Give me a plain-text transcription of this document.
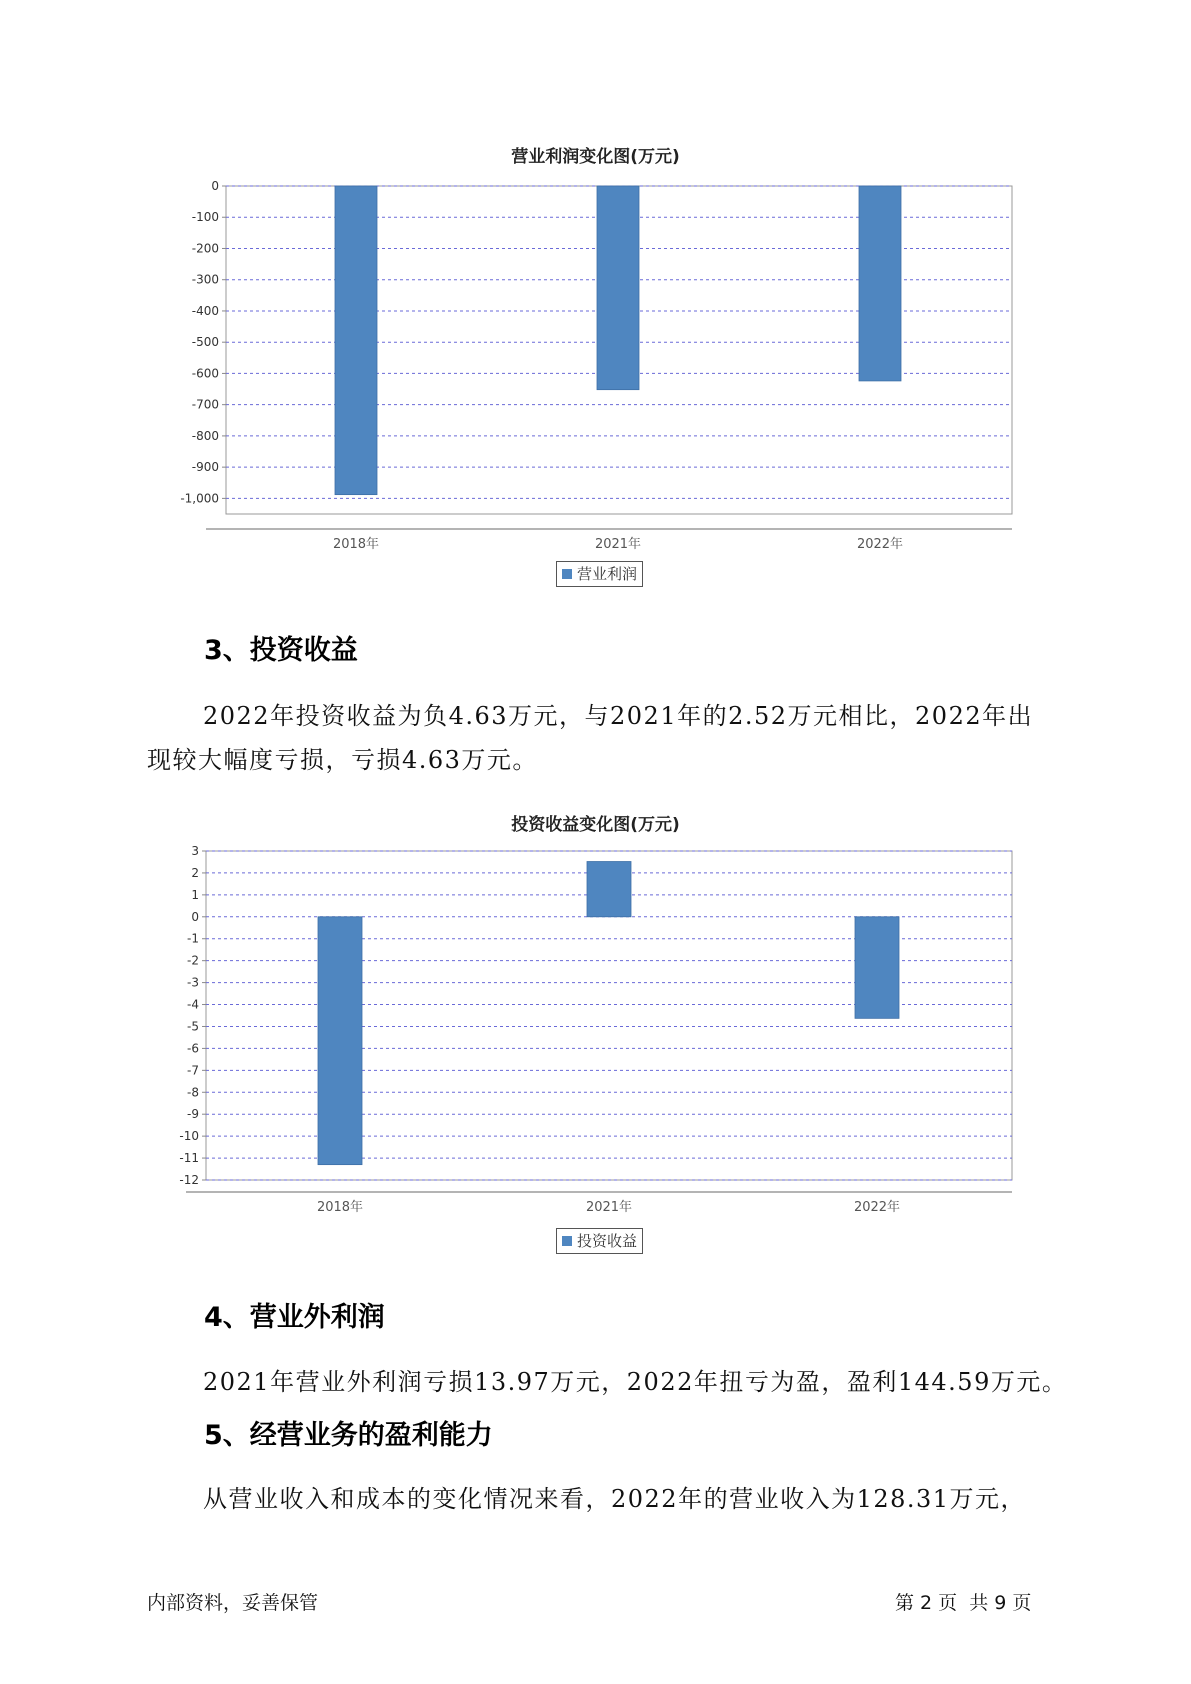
营业利润变化图(万元)
0
-100
-200
-300
-400
-500
-600
-700
-800
-900
-1,000
2018年	2021年	2022年
营业利润
3、投资收益
2022年投资收益为负4.63万元，与2021年的2.52万元相比，2022年出
现较大幅度亏损，亏损4.63万元。
投资收益变化图(万元)
3
2
1
0
-1
-2
-3
-4
-5
-6
-7
-8
-9
-10
-11
-12
2018年	2021年	2022年
投资收益
4、营业外利润
2021年营业外利润亏损13.97万元，2022年扭亏为盈，盈利144.59万元。
5、经营业务的盈利能力
从营业收入和成本的变化情况来看，2022年的营业收入为128.31万元，
内部资料，妥善保管	第 2 页  共 9 页
